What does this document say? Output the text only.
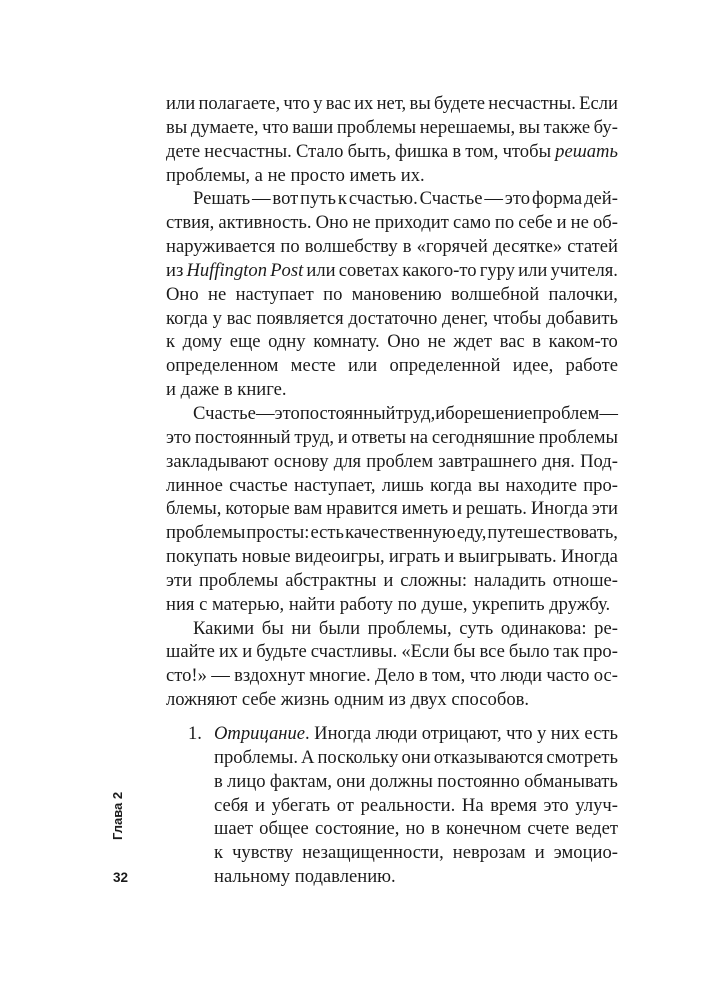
или полагаете, что у вас их нет, вы будете несчастны. Если
вы думаете, что ваши проблемы нерешаемы, вы также бу-
дете несчастны. Стало быть, фишка в том, чтобы решать
проблемы,
а
не
просто
иметь
их.
Решать — вот путь к счастью. Счастье — это форма дей-
ствия, активность. Оно не приходит само по себе и не об-
наруживается по волшебству в «горячей десятке» статей
из Huffington Post или советах какого-то гуру или учителя.
Оно не наступает по мановению волшебной палочки,
когда у вас появляется достаточно денег, чтобы добавить
к дому еще одну комнату. Оно не ждет вас в каком-то
определенном месте или определенной идее, работе
и
даже
в
книге.
Счастье — это постоянный труд, ибо решение проблем —
это постоянный труд, и ответы на сегодняшние проблемы
закладывают основу для проблем завтрашнего дня. Под-
линное счастье наступает, лишь когда вы находите про-
блемы, которые вам нравится иметь и решать. Иногда эти
проблемы просты: есть качественную еду, путешествовать,
покупать новые видеоигры, играть и выигрывать. Иногда
эти проблемы абстрактны и сложны: наладить отноше-
ния
с
матерью,
найти
работу
по
душе,
укрепить
дружбу.
Какими бы ни были проблемы, суть одинакова: ре-
шайте их и будьте счастливы. «Если бы все было так про-
сто!» — вздохнут многие. Дело в том, что люди часто ос-
ложняют
себе
жизнь
одним
из
двух
способов.
1. Отрицание. Иногда люди отрицают, что у них есть
проблемы. А поскольку они отказываются смотреть
в лицо фактам, они должны постоянно обманывать
себя и убегать от реальности. На время это улуч-
шает общее состояние, но в конечном счете ведет
к чувству незащищенности, неврозам и эмоцио-
нальному
подавлению.
Глава 2
32
